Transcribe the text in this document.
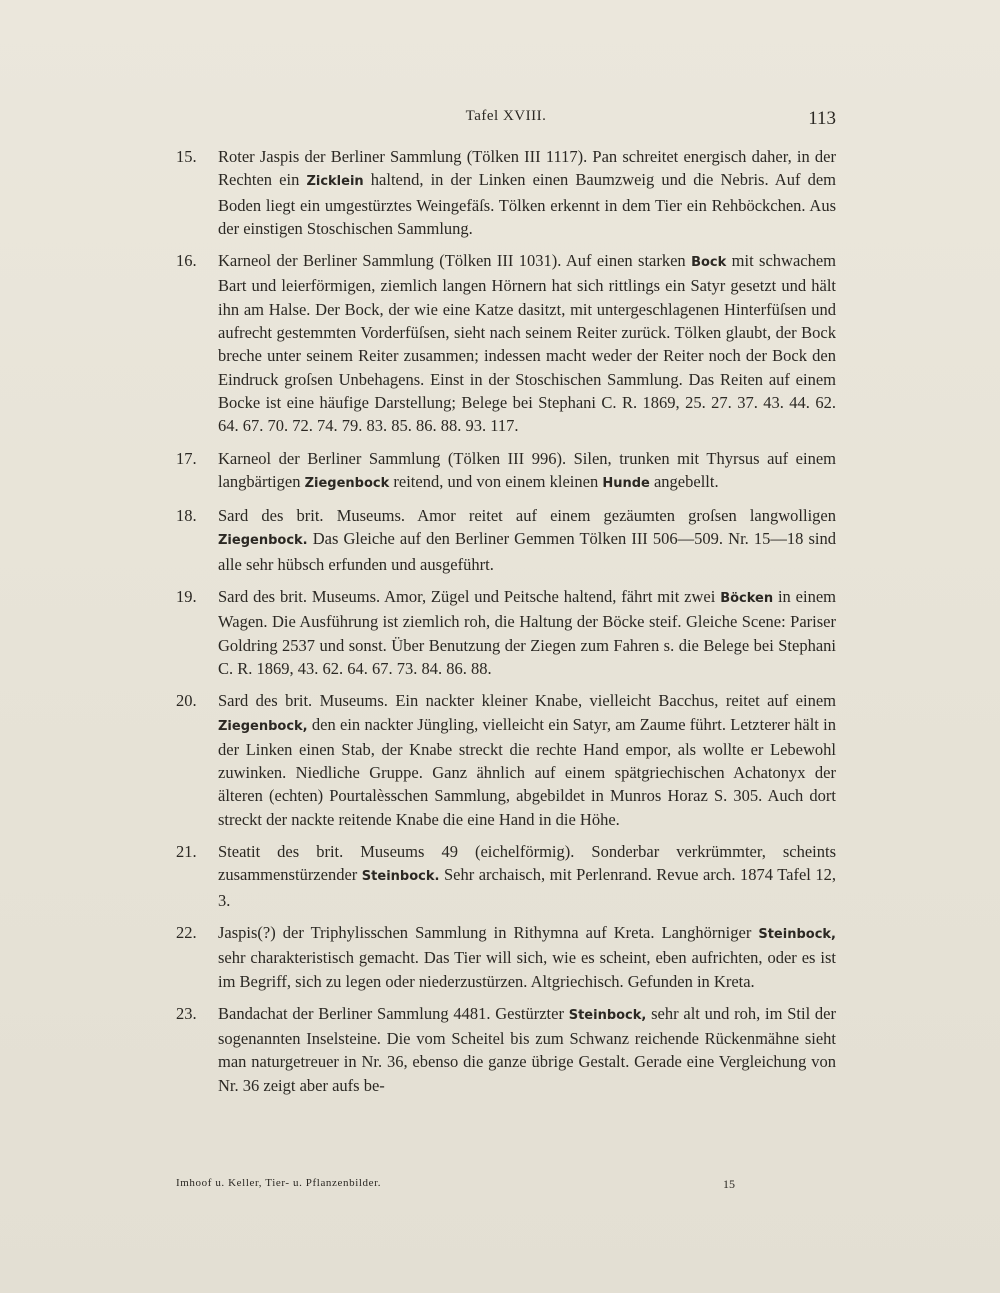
Tafel XVIII.	113
15. Roter Jaspis der Berliner Sammlung (Tölken III 1117). Pan schreitet energisch daher, in der Rechten ein Zicklein haltend, in der Linken einen Baumzweig und die Nebris. Auf dem Boden liegt ein umgestürztes Weingefäſs. Tölken erkennt in dem Tier ein Rehböckchen. Aus der einstigen Stoschischen Sammlung.
16. Karneol der Berliner Sammlung (Tölken III 1031). Auf einen starken Bock mit schwachem Bart und leierförmigen, ziemlich langen Hörnern hat sich rittlings ein Satyr gesetzt und hält ihn am Halse. Der Bock, der wie eine Katze dasitzt, mit untergeschlagenen Hinterfüſsen und aufrecht gestemmten Vorderfüſsen, sieht nach seinem Reiter zurück. Tölken glaubt, der Bock breche unter seinem Reiter zusammen; indessen macht weder der Reiter noch der Bock den Eindruck groſsen Unbehagens. Einst in der Stoschischen Sammlung. Das Reiten auf einem Bocke ist eine häufige Darstellung; Belege bei Stephani C. R. 1869, 25. 27. 37. 43. 44. 62. 64. 67. 70. 72. 74. 79. 83. 85. 86. 88. 93. 117.
17. Karneol der Berliner Sammlung (Tölken III 996). Silen, trunken mit Thyrsus auf einem langbärtigen Ziegenbock reitend, und von einem kleinen Hunde angebellt.
18. Sard des brit. Museums. Amor reitet auf einem gezäumten groſsen langwolligen Ziegenbock. Das Gleiche auf den Berliner Gemmen Tölken III 506—509. Nr. 15—18 sind alle sehr hübsch erfunden und ausgeführt.
19. Sard des brit. Museums. Amor, Zügel und Peitsche haltend, fährt mit zwei Böcken in einem Wagen. Die Ausführung ist ziemlich roh, die Haltung der Böcke steif. Gleiche Scene: Pariser Goldring 2537 und sonst. Über Benutzung der Ziegen zum Fahren s. die Belege bei Stephani C. R. 1869, 43. 62. 64. 67. 73. 84. 86. 88.
20. Sard des brit. Museums. Ein nackter kleiner Knabe, vielleicht Bacchus, reitet auf einem Ziegenbock, den ein nackter Jüngling, vielleicht ein Satyr, am Zaume führt. Letzterer hält in der Linken einen Stab, der Knabe streckt die rechte Hand empor, als wollte er Lebewohl zuwinken. Niedliche Gruppe. Ganz ähnlich auf einem spätgriechischen Achatonyx der älteren (echten) Pourtalèsschen Sammlung, abgebildet in Munros Horaz S. 305. Auch dort streckt der nackte reitende Knabe die eine Hand in die Höhe.
21. Steatit des brit. Museums 49 (eichelförmig). Sonderbar verkrümmter, scheints zusammenstürzender Steinbock. Sehr archaisch, mit Perlenrand. Revue arch. 1874 Tafel 12, 3.
22. Jaspis(?) der Triphylisschen Sammlung in Rithymna auf Kreta. Langhörniger Steinbock, sehr charakteristisch gemacht. Das Tier will sich, wie es scheint, eben aufrichten, oder es ist im Begriff, sich zu legen oder niederzustürzen. Altgriechisch. Gefunden in Kreta.
23. Bandachat der Berliner Sammlung 4481. Gestürzter Steinbock, sehr alt und roh, im Stil der sogenannten Inselsteine. Die vom Scheitel bis zum Schwanz reichende Rückenmähne sieht man naturgetreuer in Nr. 36, ebenso die ganze übrige Gestalt. Gerade eine Vergleichung von Nr. 36 zeigt aber aufs be-
Imhoof u. Keller, Tier- u. Pflanzenbilder.	15
